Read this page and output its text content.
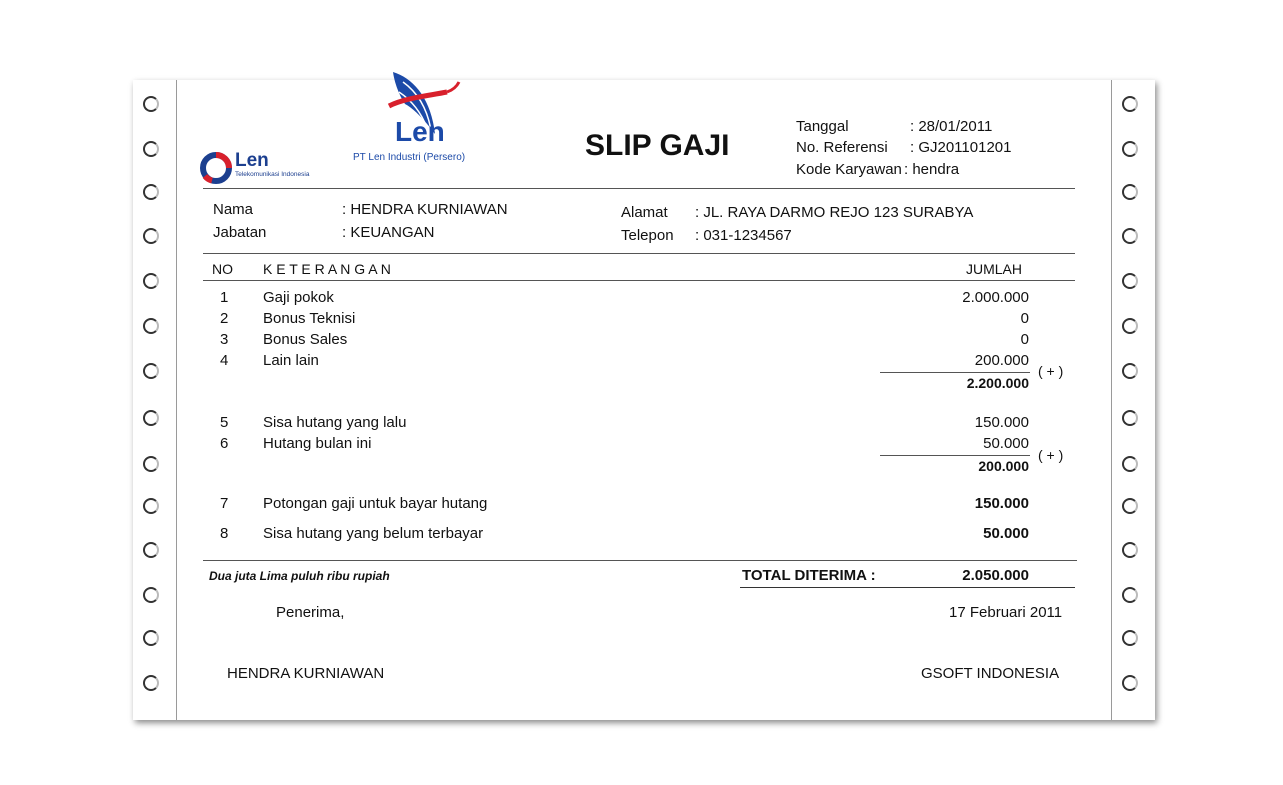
Len
Telekomunikasi Indonesia
Len
PT Len Industri (Persero)	SLIP GAJI
Tanggal	: 28/01/2011
No. Referensi : GJ201101201
Kode Karyawan : hendra
Nama	: HENDRA KURNIAWAN
Jabatan	: KEUANGAN
Alamat : JL. RAYA DARMO REJO 123 SURABYA
Telepon : 031-1234567
NO K E T E R A N G A N	JUMLAH
1 Gaji pokok	2.000.000
2 Bonus Teknisi	0
3 Bonus Sales	0
4 Lain lain	200.000
2.200.000
( + )
5 Sisa hutang yang lalu	150.000
6 Hutang bulan ini	50.000
200.000
( + )
7 Potongan gaji untuk bayar hutang	150.000
8 Sisa hutang yang belum terbayar	50.000
Dua juta Lima puluh ribu rupiah	TOTAL DITERIMA :	2.050.000
Penerima,	17 Februari 2011
HENDRA KURNIAWAN	GSOFT INDONESIA
